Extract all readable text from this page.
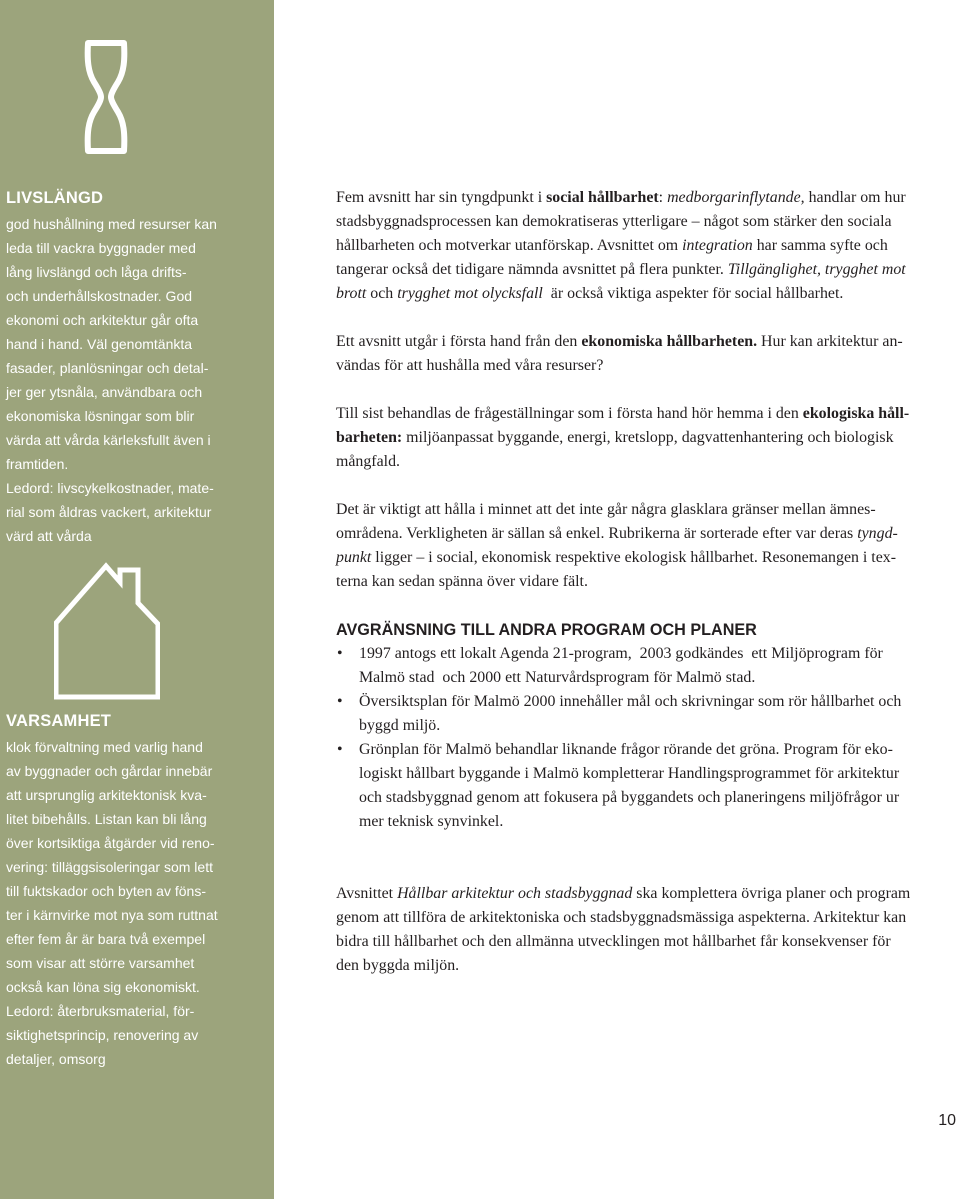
LIVSLÄNGD
god hushållning med resurser kan
leda till vackra byggnader med
lång livslängd och låga drifts-
och underhållskostnader. God
ekonomi och arkitektur går ofta
hand i hand. Väl genomtänkta
fasader, planlösningar och detal-
jer ger ytsnåla, användbara och
ekonomiska lösningar som blir
värda att vårda kärleksfullt även i
framtiden.
Ledord: livscykelkostnader, mate-
rial som åldras vackert, arkitektur
värd att vårda
VARSAMHET
klok förvaltning med varlig hand
av byggnader och gårdar innebär
att ursprunglig arkitektonisk kva-
litet bibehålls. Listan kan bli lång
över kortsiktiga åtgärder vid reno-
vering: tilläggsisoleringar som lett
till fuktskador och byten av föns-
ter i kärnvirke mot nya som ruttnat
efter fem år är bara två exempel
som visar att större varsamhet
också kan löna sig ekonomiskt.
Ledord: återbruksmaterial, för-
siktighetsprincip, renovering av
detaljer, omsorg

Fem avsnitt har sin tyngdpunkt i social hållbarhet: medborgarinflytande, handlar om hur
stadsbyggnadsprocessen kan demokratiseras ytterligare – något som stärker den sociala
hållbarheten och motverkar utanförskap. Avsnittet om integration har samma syfte och
tangerar också det tidigare nämnda avsnittet på flera punkter. Tillgänglighet, trygghet mot
brott och trygghet mot olycksfall  är också viktiga aspekter för social hållbarhet.

Ett avsnitt utgår i första hand från den ekonomiska hållbarheten. Hur kan arkitektur an-
vändas för att hushålla med våra resurser?

Till sist behandlas de frågeställningar som i första hand hör hemma i den ekologiska håll-
barheten: miljöanpassat byggande, energi, kretslopp, dagvattenhantering och biologisk
mångfald.

Det är viktigt att hålla i minnet att det inte går några glasklara gränser mellan ämnes-
områdena. Verkligheten är sällan så enkel. Rubrikerna är sorterade efter var deras tyngd-
punkt ligger – i social, ekonomisk respektive ekologisk hållbarhet. Resonemangen i tex-
terna kan sedan spänna över vidare fält.

AVGRÄNSNING TILL ANDRA PROGRAM OCH PLANER
• 1997 antogs ett lokalt Agenda 21-program,  2003 godkändes  ett Miljöprogram för
Malmö stad  och 2000 ett Naturvårdsprogram för Malmö stad.
• Översiktsplan för Malmö 2000 innehåller mål och skrivningar som rör hållbarhet och
byggd miljö.
• Grönplan för Malmö behandlar liknande frågor rörande det gröna. Program för eko-
logiskt hållbart byggande i Malmö kompletterar Handlingsprogrammet för arkitektur
och stadsbyggnad genom att fokusera på byggandets och planeringens miljöfrågor ur
mer teknisk synvinkel.

Avsnittet Hållbar arkitektur och stadsbyggnad ska komplettera övriga planer och program
genom att tillföra de arkitektoniska och stadsbyggnadsmässiga aspekterna. Arkitektur kan
bidra till hållbarhet och den allmänna utvecklingen mot hållbarhet får konsekvenser för
den byggda miljön.

10
